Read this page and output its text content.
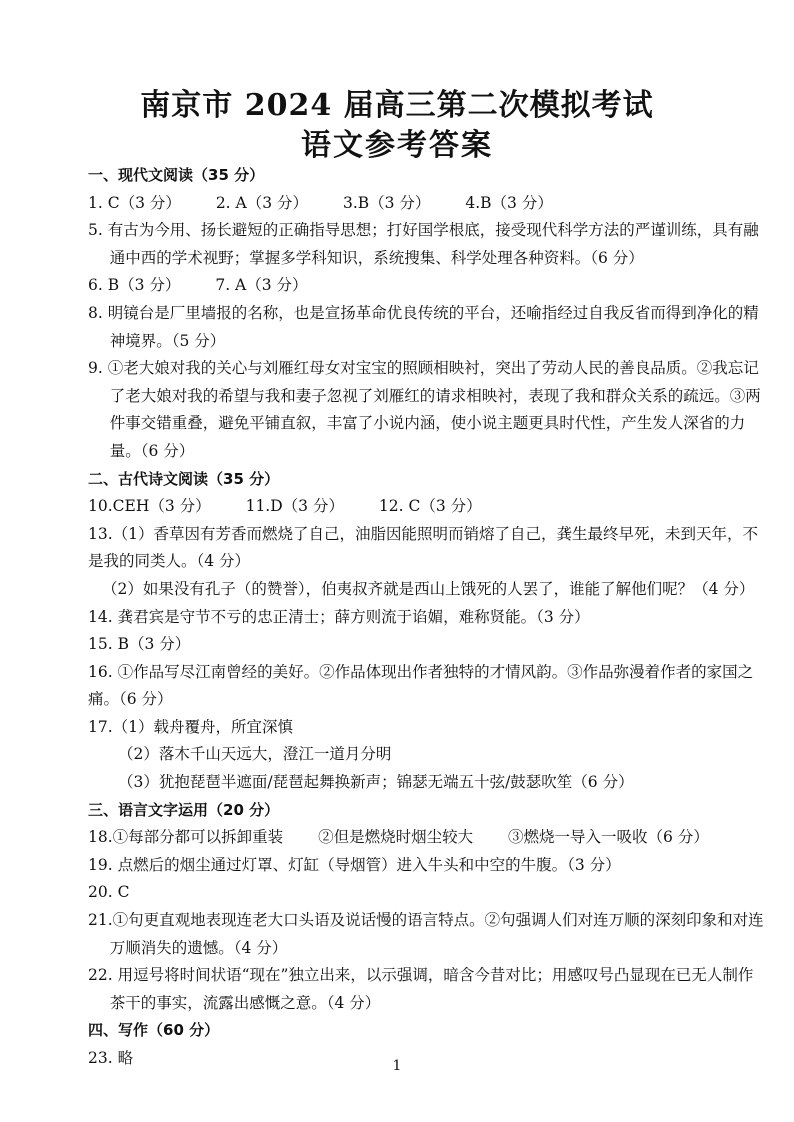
南京市 2024 届高三第二次模拟考试
语文参考答案

一、现代文阅读（35 分）

1. C（3 分） 2. A（3 分） 3.B（3 分） 4.B（3 分）

5. 有古为今用、扬长避短的正确指导思想；打好国学根底，接受现代科学方法的严谨训练，具有融通中西的学术视野；掌握多学科知识，系统搜集、科学处理各种资料。（6 分）

6. B（3 分） 7. A（3 分）

8. 明镜台是厂里墙报的名称，也是宣扬革命优良传统的平台，还喻指经过自我反省而得到净化的精神境界。（5 分）

9. ①老大娘对我的关心与刘雁红母女对宝宝的照顾相映衬，突出了劳动人民的善良品质。②我忘记了老大娘对我的希望与我和妻子忽视了刘雁红的请求相映衬，表现了我和群众关系的疏远。③两件事交错重叠，避免平铺直叙，丰富了小说内涵，使小说主题更具时代性，产生发人深省的力量。（6 分）

二、古代诗文阅读（35 分）

10.CEH（3 分） 11.D（3 分） 12. C（3 分）

13.（1）香草因有芳香而燃烧了自己，油脂因能照明而销熔了自己，龚生最终早死，未到天年，不是我的同类人。（4 分）

（2）如果没有孔子（的赞誉），伯夷叔齐就是西山上饿死的人罢了，谁能了解他们呢？（4 分）

14. 龚君宾是守节不亏的忠正清士；薛方则流于谄媚，难称贤能。（3 分）

15. B（3 分）

16. ①作品写尽江南曾经的美好。②作品体现出作者独特的才情风韵。③作品弥漫着作者的家国之痛。（6 分）

17.（1）载舟覆舟，所宜深慎

（2）落木千山天远大，澄江一道月分明

（3）犹抱琵琶半遮面/琵琶起舞换新声；锦瑟无端五十弦/鼓瑟吹笙（6 分）

三、语言文字运用（20 分）

18.①每部分都可以拆卸重装 ②但是燃烧时烟尘较大 ③燃烧一导入一吸收（6 分）

19. 点燃后的烟尘通过灯罩、灯缸（导烟管）进入牛头和中空的牛腹。（3 分）

20. C

21.①句更直观地表现连老大口头语及说话慢的语言特点。②句强调人们对连万顺的深刻印象和对连万顺消失的遗憾。（4 分）

22. 用逗号将时间状语“现在”独立出来，以示强调，暗含今昔对比；用感叹号凸显现在已无人制作茶干的事实，流露出感慨之意。（4 分）

四、写作（60 分）

23. 略	1
